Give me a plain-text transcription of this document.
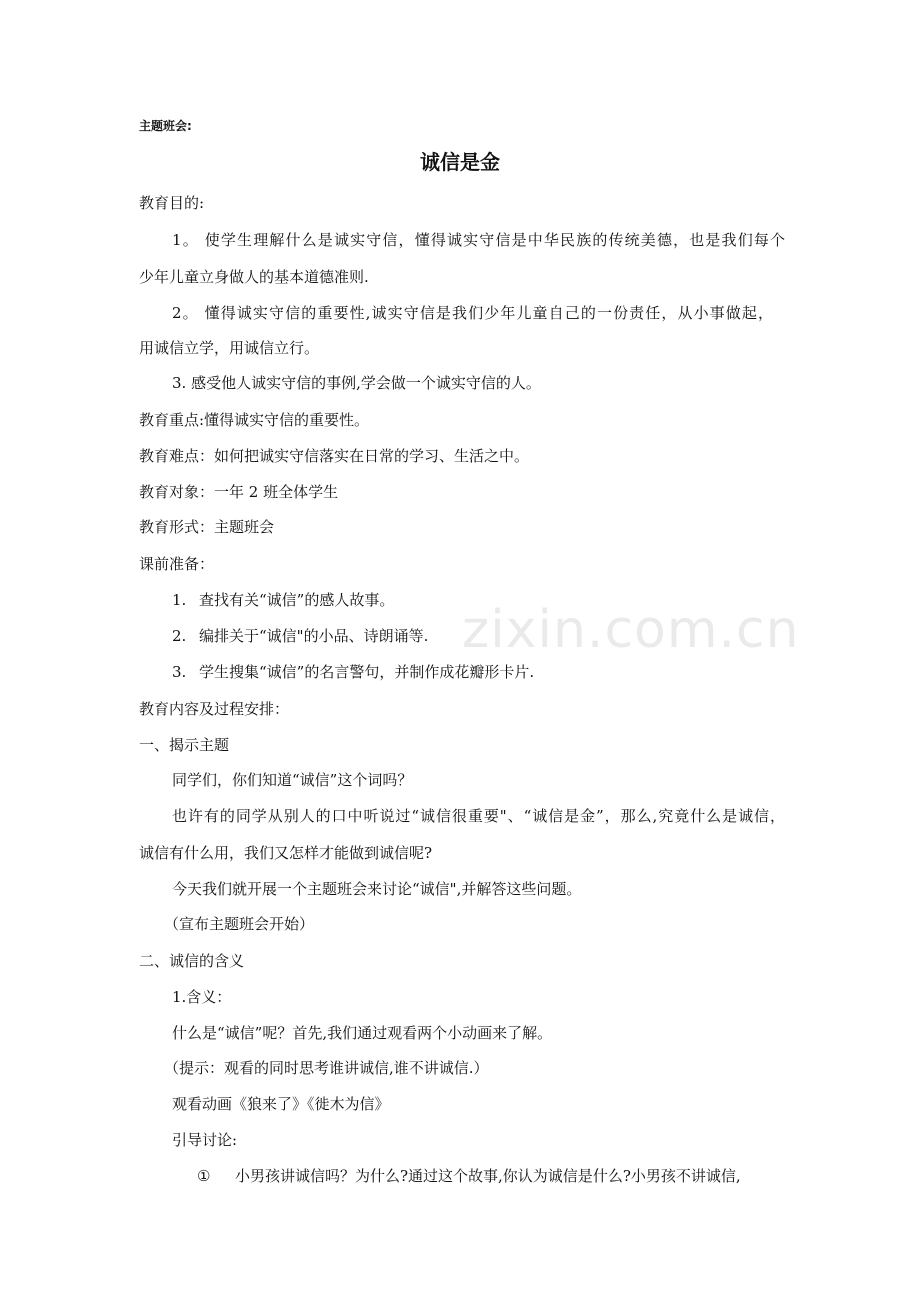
主题班会:
诚信是金
教育目的:
1。 使学生理解什么是诚实守信，懂得诚实守信是中华民族的传统美德，也是我们每个
少年儿童立身做人的基本道德准则.
2。 懂得诚实守信的重要性,诚实守信是我们少年儿童自己的一份责任，从小事做起，
用诚信立学，用诚信立行。
3. 感受他人诚实守信的事例,学会做一个诚实守信的人。
教育重点:懂得诚实守信的重要性。
教育难点：如何把诚实守信落实在日常的学习、生活之中。
教育对象：一年 2 班全体学生
教育形式：主题班会
课前准备：
1. 查找有关“诚信”的感人故事。
2. 编排关于“诚信"的小品、诗朗诵等.
3. 学生搜集“诚信”的名言警句，并制作成花瓣形卡片.
教育内容及过程安排：
一、揭示主题
同学们，你们知道“诚信”这个词吗？
也许有的同学从别人的口中听说过“诚信很重要"、“诚信是金”，那么,究竟什么是诚信，
诚信有什么用，我们又怎样才能做到诚信呢?
今天我们就开展一个主题班会来讨论“诚信",并解答这些问题。
（宣布主题班会开始）
二、诚信的含义
1.含义：
什么是“诚信”呢？首先,我们通过观看两个小动画来了解。
（提示：观看的同时思考谁讲诚信,谁不讲诚信.）
观看动画《狼来了》《徙木为信》
引导讨论:
① 小男孩讲诚信吗？为什么?通过这个故事,你认为诚信是什么?小男孩不讲诚信,
zixin.com.cn
